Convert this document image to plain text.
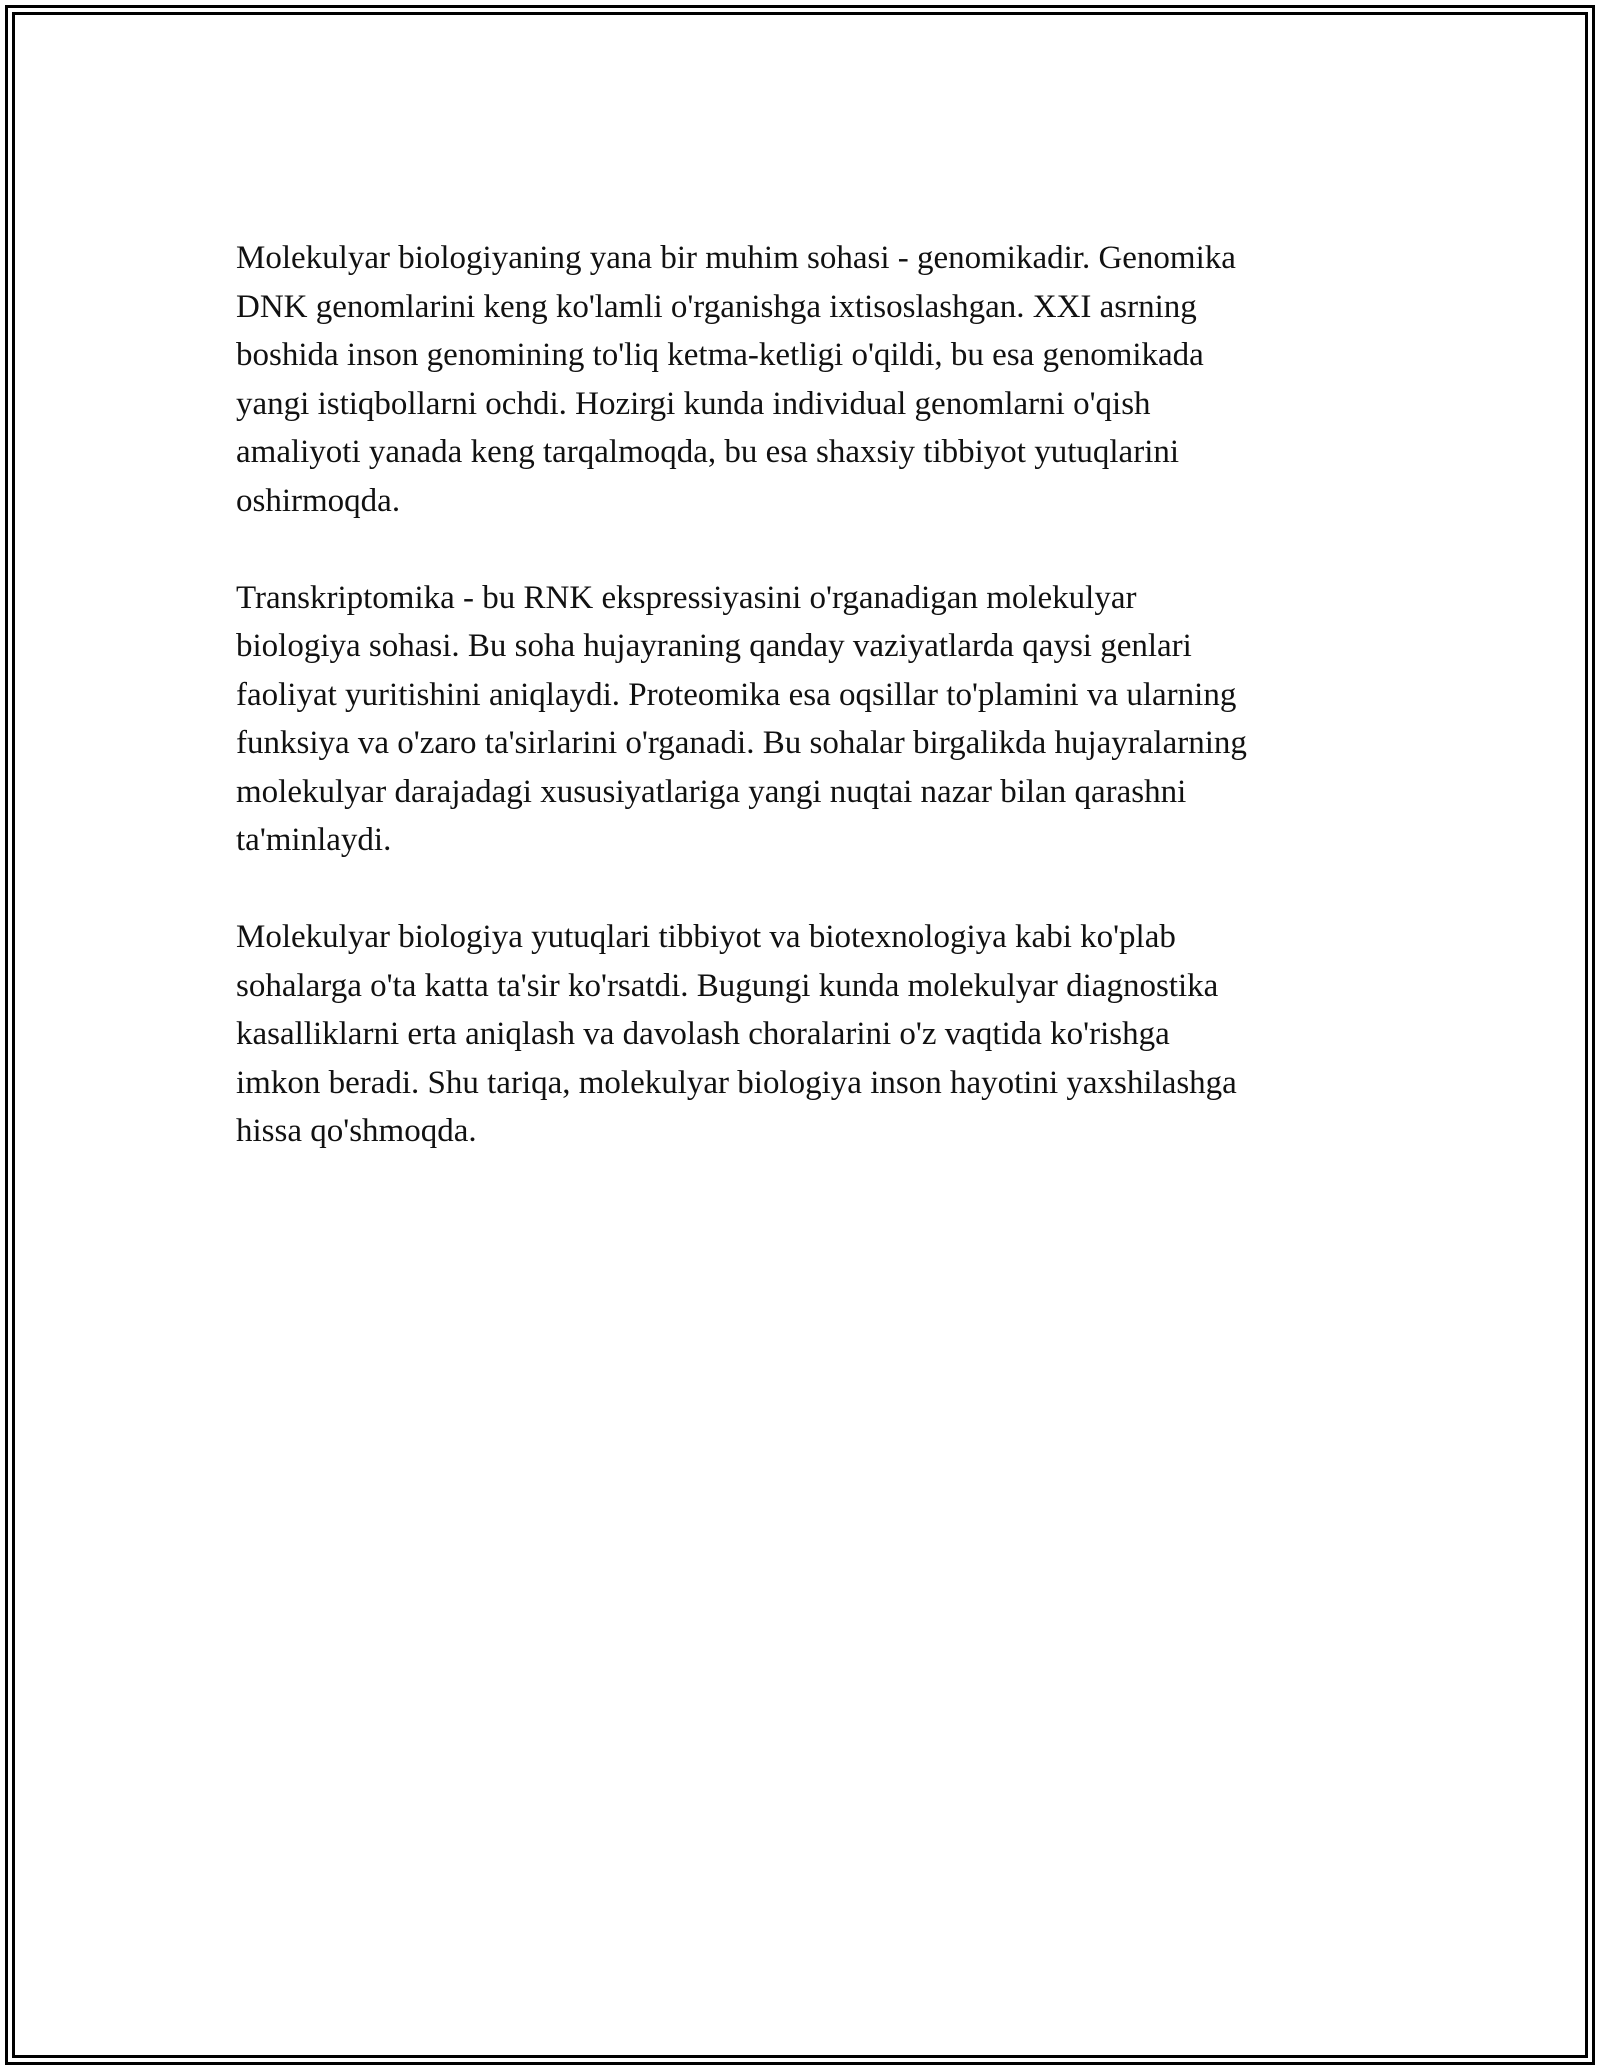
Molekulyar biologiyaning yana bir muhim sohasi - genomikadir. Genomika
DNK genomlarini keng ko'lamli o'rganishga ixtisoslashgan. XXI asrning
boshida inson genomining to'liq ketma-ketligi o'qildi, bu esa genomikada
yangi istiqbollarni ochdi. Hozirgi kunda individual genomlarni o'qish
amaliyoti yanada keng tarqalmoqda, bu esa shaxsiy tibbiyot yutuqlarini
oshirmoqda.

Transkriptomika - bu RNK ekspressiyasini o'rganadigan molekulyar
biologiya sohasi. Bu soha hujayraning qanday vaziyatlarda qaysi genlari
faoliyat yuritishini aniqlaydi. Proteomika esa oqsillar to'plamini va ularning
funksiya va o'zaro ta'sirlarini o'rganadi. Bu sohalar birgalikda hujayralarning
molekulyar darajadagi xususiyatlariga yangi nuqtai nazar bilan qarashni
ta'minlaydi.

Molekulyar biologiya yutuqlari tibbiyot va biotexnologiya kabi ko'plab
sohalarga o'ta katta ta'sir ko'rsatdi. Bugungi kunda molekulyar diagnostika
kasalliklarni erta aniqlash va davolash choralarini o'z vaqtida ko'rishga
imkon beradi. Shu tariqa, molekulyar biologiya inson hayotini yaxshilashga
hissa qo'shmoqda.
